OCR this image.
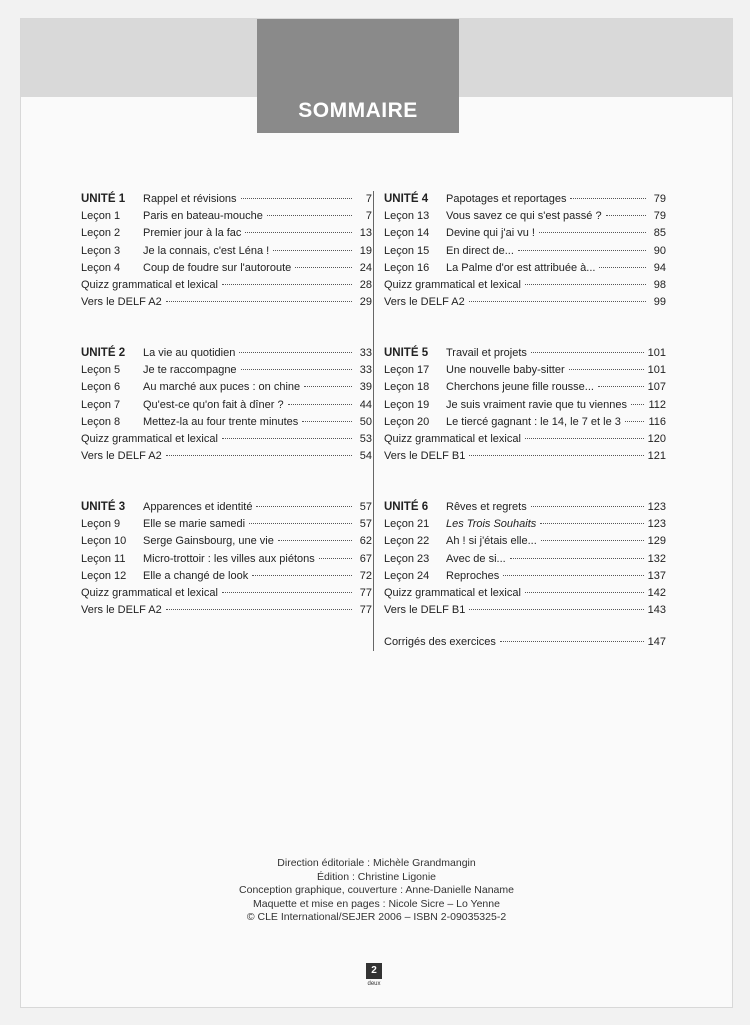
SOMMAIRE
UNITÉ 1	Rappel et révisions	7
Leçon 1	Paris en bateau-mouche	7
Leçon 2	Premier jour à la fac	13
Leçon 3	Je la connais, c'est Léna !	19
Leçon 4	Coup de foudre sur l'autoroute	24
Quizz grammatical et lexical	28
Vers le DELF A2	29
UNITÉ 2	La vie au quotidien	33
Leçon 5	Je te raccompagne	33
Leçon 6	Au marché aux puces : on chine	39
Leçon 7	Qu'est-ce qu'on fait à dîner ?	44
Leçon 8	Mettez-la au four trente minutes	50
Quizz grammatical et lexical	53
Vers le DELF A2	54
UNITÉ 3	Apparences et identité	57
Leçon 9	Elle se marie samedi	57
Leçon 10	Serge Gainsbourg, une vie	62
Leçon 11	Micro-trottoir : les villes aux piétons	67
Leçon 12	Elle a changé de look	72
Quizz grammatical et lexical	77
Vers le DELF A2	77
UNITÉ 4	Papotages et reportages	79
Leçon 13	Vous savez ce qui s'est passé ?	79
Leçon 14	Devine qui j'ai vu !	85
Leçon 15	En direct de...	90
Leçon 16	La Palme d'or est attribuée à...	94
Quizz grammatical et lexical	98
Vers le DELF A2	99
UNITÉ 5	Travail et projets	101
Leçon 17	Une nouvelle baby-sitter	101
Leçon 18	Cherchons jeune fille rousse...	107
Leçon 19	Je suis vraiment ravie que tu viennes 112
Leçon 20	Le tiercé gagnant : le 14, le 7 et le 3	116
Quizz grammatical et lexical	120
Vers le DELF B1	121
UNITÉ 6	Rêves et regrets	123
Leçon 21	Les Trois Souhaits	123
Leçon 22	Ah ! si j'étais elle...	129
Leçon 23	Avec de si...	132
Leçon 24	Reproches	137
Quizz grammatical et lexical	142
Vers le DELF B1	143
Corrigés des exercices	147
Direction éditoriale : Michèle Grandmangin
Édition : Christine Ligonie
Conception graphique, couverture : Anne-Danielle Naname
Maquette et mise en pages : Nicole Sicre – Lo Yenne
© CLE International/SEJER 2006 – ISBN 2-09035325-2
2
deux
